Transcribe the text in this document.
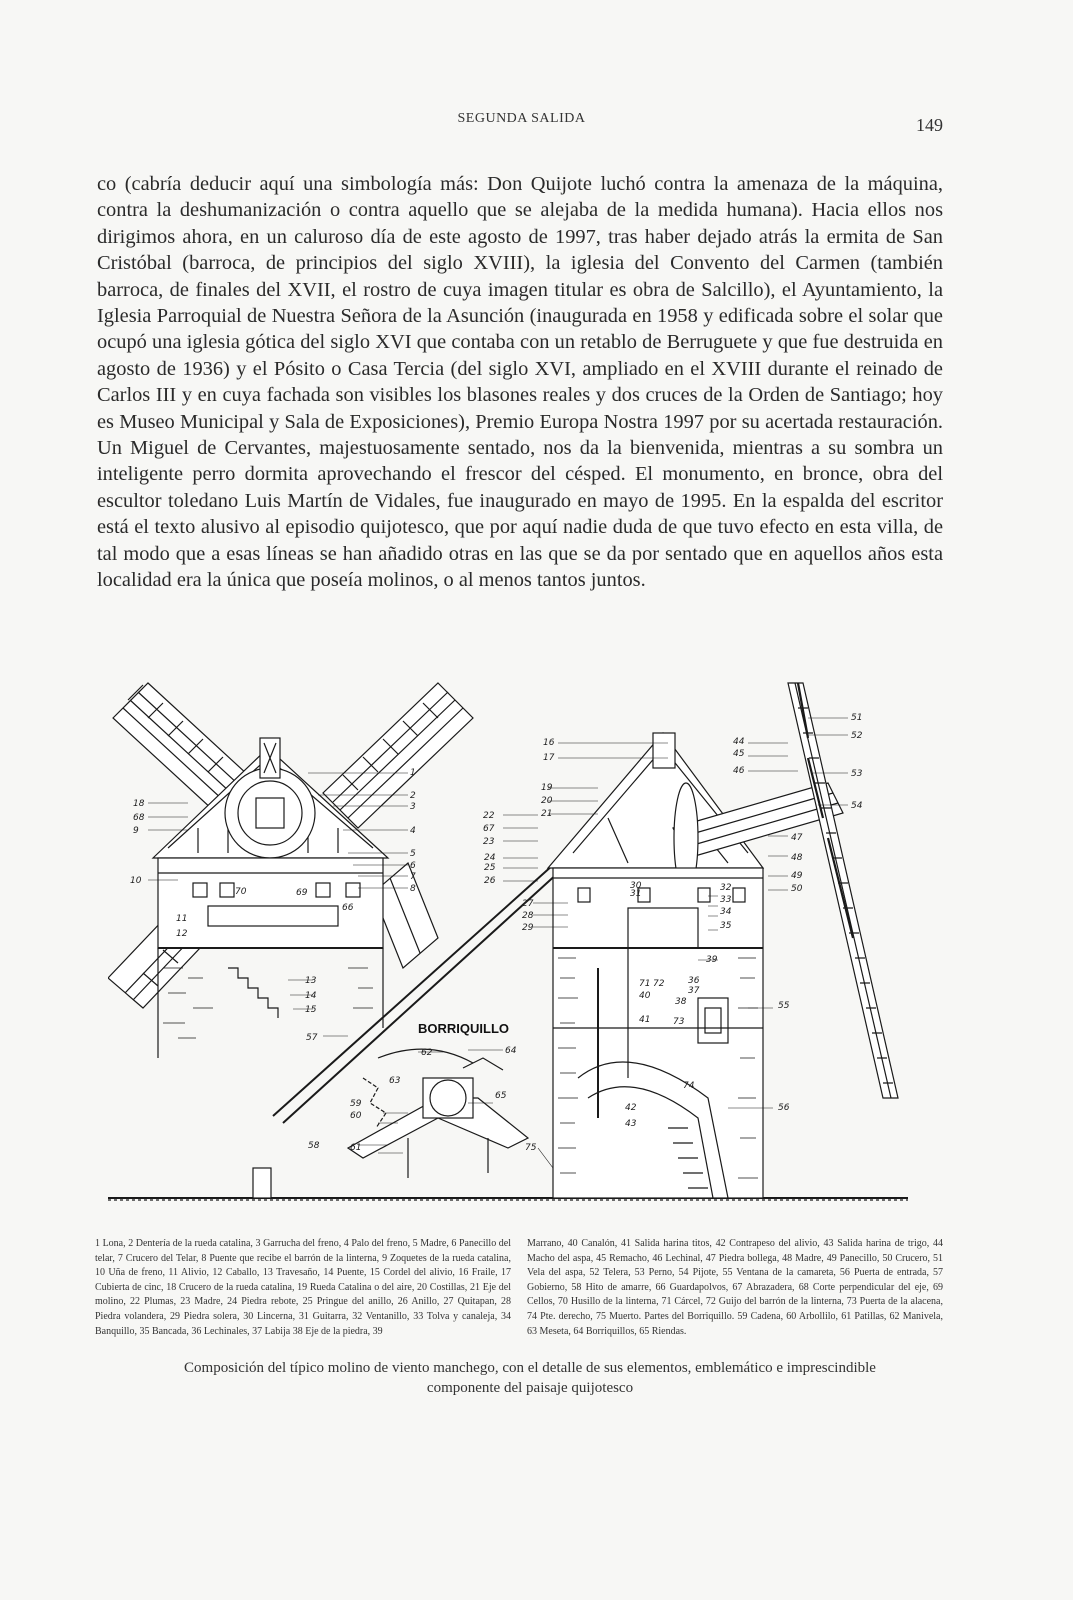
SEGUNDA SALIDA	149

co (cabría deducir aquí una simbología más: Don Quijote luchó contra la amenaza de la máquina, contra la deshumanización o contra aquello que se alejaba de la medida humana). Hacia ellos nos dirigimos ahora, en un caluroso día de este agosto de 1997, tras haber dejado atrás la ermita de San Cristóbal (barroca, de principios del siglo XVIII), la iglesia del Convento del Carmen (también barroca, de finales del XVII, el rostro de cuya imagen titular es obra de Salcillo), el Ayuntamiento, la Iglesia Parroquial de Nuestra Señora de la Asunción (inaugurada en 1958 y edificada sobre el solar que ocupó una iglesia gótica del siglo XVI que contaba con un retablo de Berruguete y que fue destruida en agosto de 1936) y el Pósito o Casa Tercia (del siglo XVI, ampliado en el XVIII durante el reinado de Carlos III y en cuya fachada son visibles los blasones reales y dos cruces de la Orden de Santiago; hoy es Museo Municipal y Sala de Exposiciones), Premio Europa Nostra 1997 por su acertada restauración. Un Miguel de Cervantes, majestuosamente sentado, nos da la bienvenida, mientras a su sombra un inteligente perro dormita aprovechando el frescor del césped. El monumento, en bronce, obra del escultor toledano Luis Martín de Vidales, fue inaugurado en mayo de 1995. En la espalda del escritor está el texto alusivo al episodio quijotesco, que por aquí nadie duda de que tuvo efecto en esta villa, de tal modo que a esas líneas se han añadido otras en las que se da por sentado que en aquellos años esta localidad era la única que poseía molinos, o al menos tantos juntos.

BORRIQUILLO
1
2
3
4
5
6
7
8
9
10
11
12
13
14
15
16
17
18
19
20
21
22
23
24
25
26
27
28
29
30
31
32
33
34
35
36
37
38
39
40
41
42
43
44
45
46
47
48
49
50
51
52
53
54
55
56
57
58
59
60
61
62
63
64
65
66
67
68
69
70
71 72
73
74
75
1 Lona, 2 Dentería de la rueda catalina, 3 Garrucha del freno, 4 Palo del freno, 5 Madre, 6 Panecillo del telar, 7 Crucero del Telar, 8 Puente que recibe el barrón de la linterna, 9 Zoquetes de la rueda catalina, 10 Uña de freno, 11 Alivio, 12 Caballo, 13 Travesaño, 14 Puente, 15 Cordel del alivio, 16 Fraile, 17 Cubierta de cinc, 18 Crucero de la rueda catalina, 19 Rueda Catalina o del aire, 20 Costillas, 21 Eje del molino, 22 Plumas, 23 Madre, 24 Piedra rebote, 25 Pringue del anillo, 26 Anillo, 27 Quitapan, 28 Piedra volandera, 29 Piedra solera, 30 Lincerna, 31 Guitarra, 32 Ventanillo, 33 Tolva y canaleja, 34 Banquillo, 35 Bancada, 36 Lechinales, 37 Labija 38 Eje de la piedra, 39
Marrano, 40 Canalón, 41 Salida harina titos, 42 Contrapeso del alivio, 43 Salida harina de trigo, 44 Macho del aspa, 45 Remacho, 46 Lechinal, 47 Piedra bollega, 48 Madre, 49 Panecillo, 50 Crucero, 51 Vela del aspa, 52 Telera, 53 Perno, 54 Pijote, 55 Ventana de la camareta, 56 Puerta de entrada, 57 Gobierno, 58 Hito de amarre, 66 Guardapolvos, 67 Abrazadera, 68 Corte perpendicular del eje, 69 Cellos, 70 Husillo de la linterna, 71 Cárcel, 72 Guijo del barrón de la linterna, 73 Puerta de la alacena, 74 Pte. derecho, 75 Muerto. Partes del Borriquillo. 59 Cadena, 60 Arbollilo, 61 Patillas, 62 Manivela, 63 Meseta, 64 Borriquillos, 65 Riendas.
Composición del típico molino de viento manchego, con el detalle de sus elementos, emblemático e imprescindible
componente del paisaje quijotesco
